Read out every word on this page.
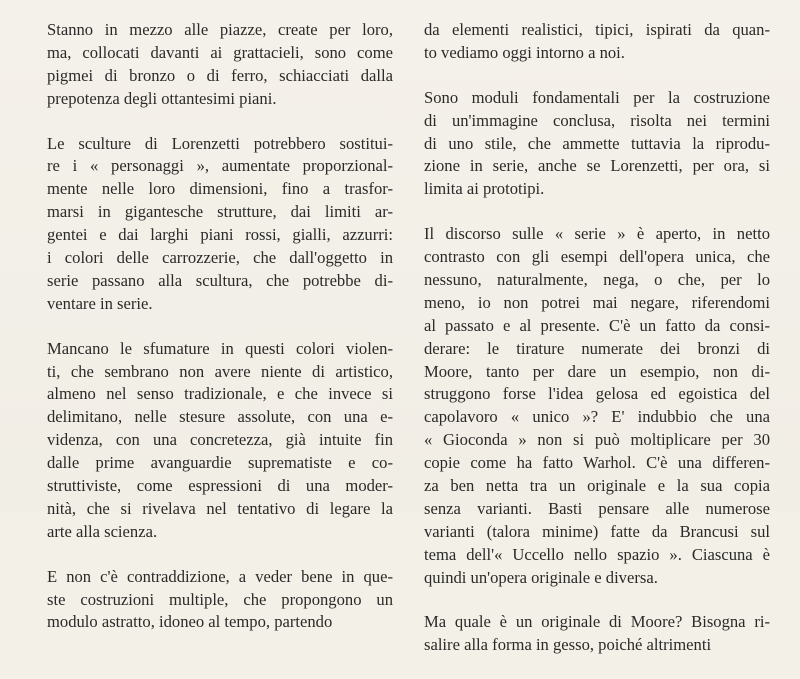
Stanno in mezzo alle piazze, create per loro,
ma, collocati davanti ai grattacieli, sono come
pigmei di bronzo o di ferro, schiacciati dalla
prepotenza degli ottantesimi piani.
Le sculture di Lorenzetti potrebbero sostitui-
re i « personaggi », aumentate proporzional-
mente nelle loro dimensioni, fino a trasfor-
marsi in gigantesche strutture, dai limiti ar-
gentei e dai larghi piani rossi, gialli, azzurri:
i colori delle carrozzerie, che dall'oggetto in
serie passano alla scultura, che potrebbe di-
ventare in serie.
Mancano le sfumature in questi colori violen-
ti, che sembrano non avere niente di artistico,
almeno nel senso tradizionale, e che invece si
delimitano, nelle stesure assolute, con una e-
videnza, con una concretezza, già intuite fin
dalle prime avanguardie suprematiste e co-
struttiviste, come espressioni di una moder-
nità, che si rivelava nel tentativo di legare la
arte alla scienza.
E non c'è contraddizione, a veder bene in que-
ste costruzioni multiple, che propongono un
modulo astratto, idoneo al tempo, partendo
da elementi realistici, tipici, ispirati da quan-
to vediamo oggi intorno a noi.
Sono moduli fondamentali per la costruzione
di un'immagine conclusa, risolta nei termini
di uno stile, che ammette tuttavia la riprodu-
zione in serie, anche se Lorenzetti, per ora, si
limita ai prototipi.
Il discorso sulle « serie » è aperto, in netto
contrasto con gli esempi dell'opera unica, che
nessuno, naturalmente, nega, o che, per lo
meno, io non potrei mai negare, riferendomi
al passato e al presente. C'è un fatto da consi-
derare: le tirature numerate dei bronzi di
Moore, tanto per dare un esempio, non di-
struggono forse l'idea gelosa ed egoistica del
capolavoro « unico »? E' indubbio che una
« Gioconda » non si può moltiplicare per 30
copie come ha fatto Warhol. C'è una differen-
za ben netta tra un originale e la sua copia
senza varianti. Basti pensare alle numerose
varianti (talora minime) fatte da Brancusi sul
tema dell'« Uccello nello spazio ». Ciascuna è
quindi un'opera originale e diversa.
Ma quale è un originale di Moore? Bisogna ri-
salire alla forma in gesso, poiché altrimenti
